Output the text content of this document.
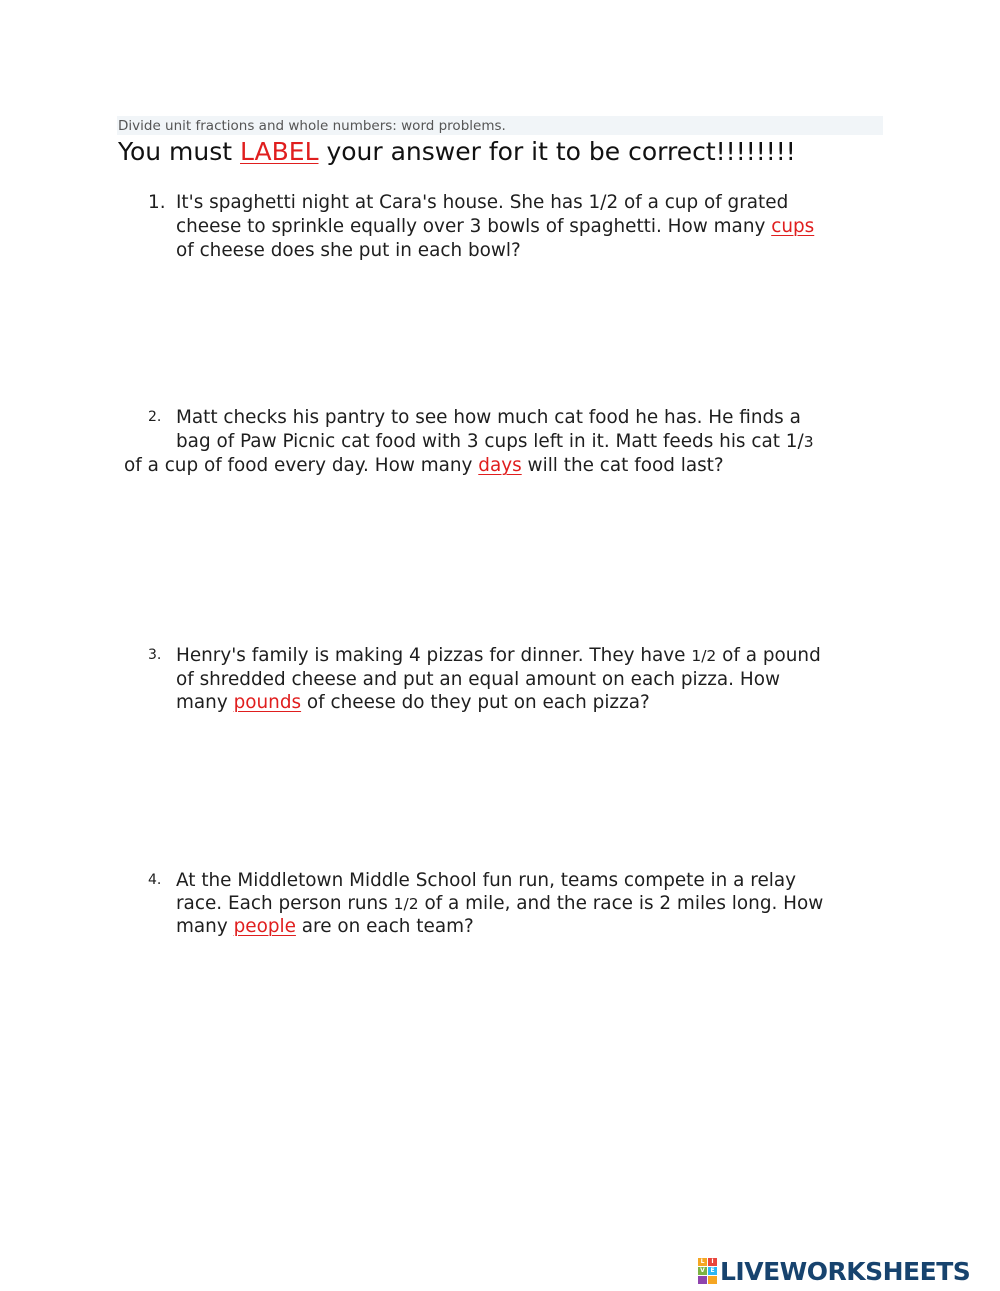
Divide unit fractions and whole numbers: word problems.
You must LABEL your answer for it to be correct!!!!!!!!
1. It's spaghetti night at Cara's house. She has 1/2 of a cup of grated
cheese to sprinkle equally over 3 bowls of spaghetti. How many cups
of cheese does she put in each bowl?
2. Matt checks his pantry to see how much cat food he has. He finds a
bag of Paw Picnic cat food with 3 cups left in it. Matt feeds his cat 1/3
of a cup of food every day. How many days will the cat food last?
3. Henry's family is making 4 pizzas for dinner. They have 1/2 of a pound
of shredded cheese and put an equal amount on each pizza. How
many pounds of cheese do they put on each pizza?
4. At the Middletown Middle School fun run, teams compete in a relay
race. Each person runs 1/2 of a mile, and the race is 2 miles long. How
many people are on each team?
L	I
V E LIVEWORKSHEETS
